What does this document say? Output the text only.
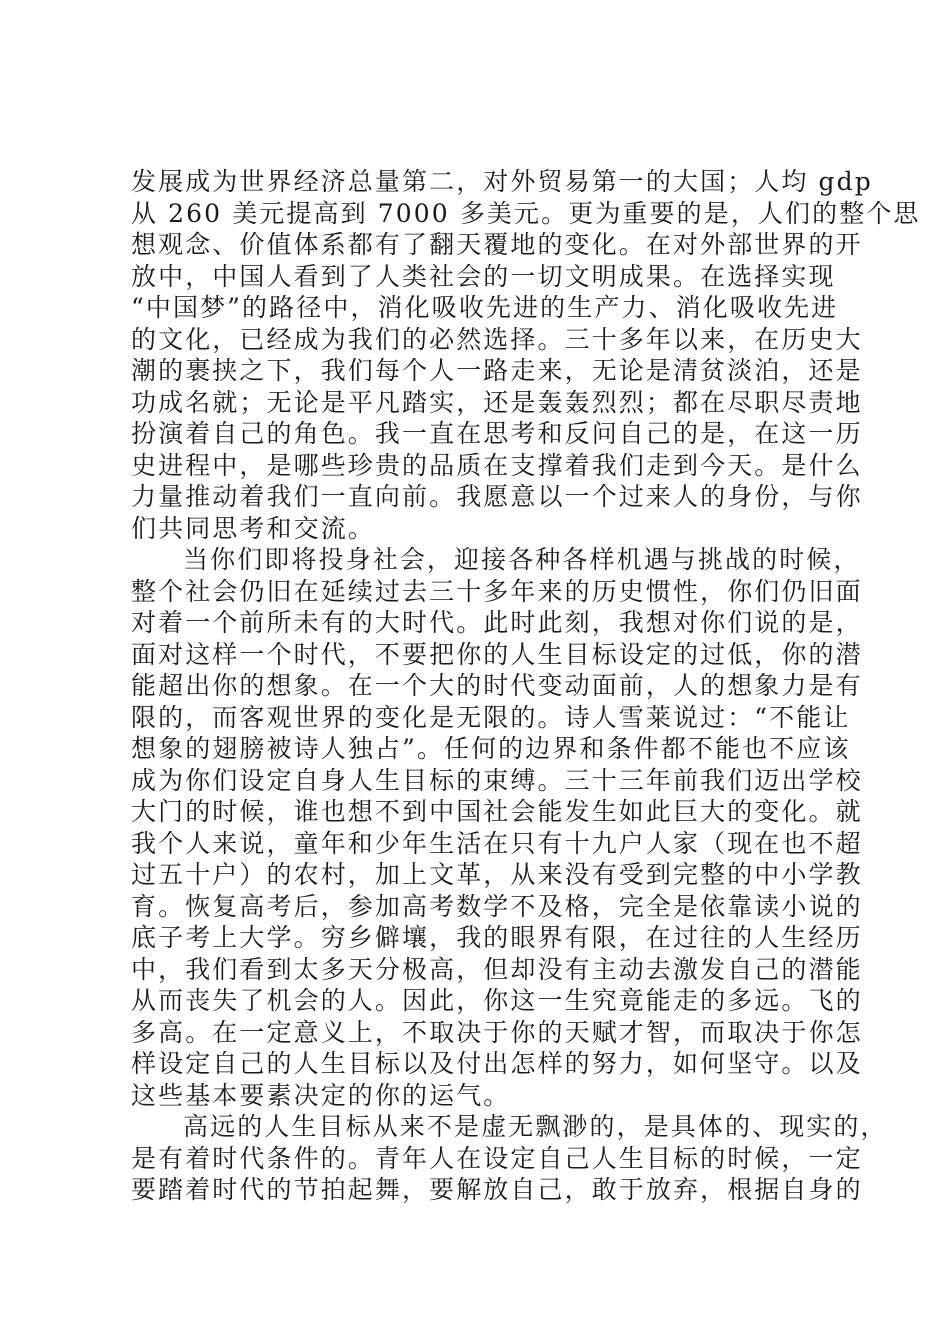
发展成为世界经济总量第二，对外贸易第一的大国；人均 gdp
从 260 美元提高到 7000 多美元。更为重要的是，人们的整个思
想观念、价值体系都有了翻天覆地的变化。在对外部世界的开
放中，中国人看到了人类社会的一切文明成果。在选择实现
“中国梦”的路径中，消化吸收先进的生产力、消化吸收先进
的文化，已经成为我们的必然选择。三十多年以来，在历史大
潮的裹挟之下，我们每个人一路走来，无论是清贫淡泊，还是
功成名就；无论是平凡踏实，还是轰轰烈烈；都在尽职尽责地
扮演着自己的角色。我一直在思考和反问自己的是，在这一历
史进程中，是哪些珍贵的品质在支撑着我们走到今天。是什么
力量推动着我们一直向前。我愿意以一个过来人的身份，与你
们共同思考和交流。
当你们即将投身社会，迎接各种各样机遇与挑战的时候，
整个社会仍旧在延续过去三十多年来的历史惯性，你们仍旧面
对着一个前所未有的大时代。此时此刻，我想对你们说的是，
面对这样一个时代，不要把你的人生目标设定的过低，你的潜
能超出你的想象。在一个大的时代变动面前，人的想象力是有
限的，而客观世界的变化是无限的。诗人雪莱说过：“不能让
想象的翅膀被诗人独占”。任何的边界和条件都不能也不应该
成为你们设定自身人生目标的束缚。三十三年前我们迈出学校
大门的时候，谁也想不到中国社会能发生如此巨大的变化。就
我个人来说，童年和少年生活在只有十九户人家（现在也不超
过五十户）的农村，加上文革，从来没有受到完整的中小学教
育。恢复高考后，参加高考数学不及格，完全是依靠读小说的
底子考上大学。穷乡僻壤，我的眼界有限，在过往的人生经历
中，我们看到太多天分极高，但却没有主动去激发自己的潜能
从而丧失了机会的人。因此，你这一生究竟能走的多远。飞的
多高。在一定意义上，不取决于你的天赋才智，而取决于你怎
样设定自己的人生目标以及付出怎样的努力，如何坚守。以及
这些基本要素决定的你的运气。
高远的人生目标从来不是虚无飘渺的，是具体的、现实的，
是有着时代条件的。青年人在设定自己人生目标的时候，一定
要踏着时代的节拍起舞，要解放自己，敢于放弃，根据自身的
